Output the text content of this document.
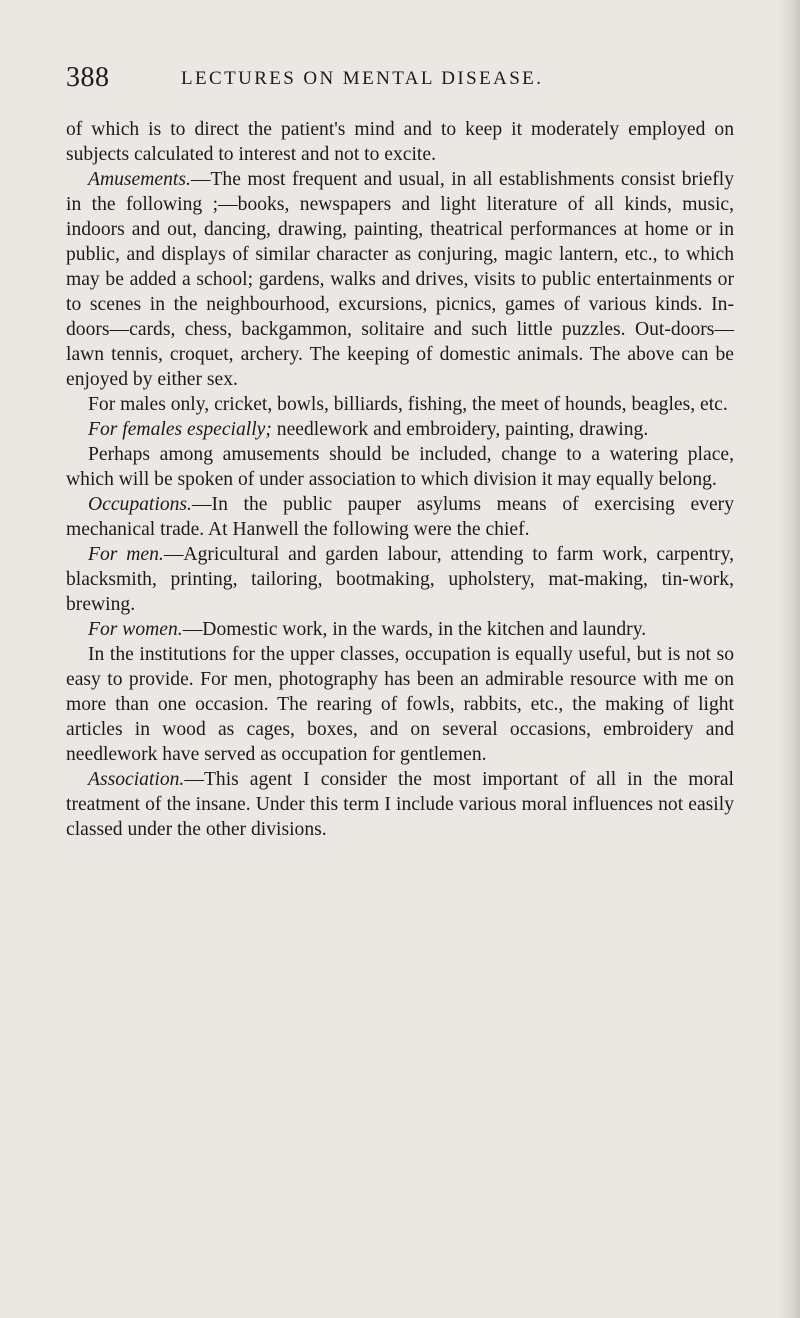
388	LECTURES ON MENTAL DISEASE.

of which is to direct the patient's mind and to keep it moderately employed on subjects calculated to interest and not to excite.

Amusements.—The most frequent and usual, in all establishments consist briefly in the following ;—books, newspapers and light literature of all kinds, music, indoors and out, dancing, drawing, painting, theatrical performances at home or in public, and displays of similar character as conjuring, magic lantern, etc., to which may be added a school; gardens, walks and drives, visits to public entertainments or to scenes in the neighbourhood, excursions, picnics, games of various kinds. In-doors—cards, chess, backgammon, solitaire and such little puzzles. Out-doors—lawn tennis, croquet, archery. The keeping of domestic animals. The above can be enjoyed by either sex.

For males only, cricket, bowls, billiards, fishing, the meet of hounds, beagles, etc.

For females especially; needlework and embroidery, painting, drawing.

Perhaps among amusements should be included, change to a watering place, which will be spoken of under association to which division it may equally belong.

Occupations.—In the public pauper asylums means of exercising every mechanical trade. At Hanwell the following were the chief.

For men.—Agricultural and garden labour, attending to farm work, carpentry, blacksmith, printing, tailoring, bootmaking, upholstery, mat-making, tin-work, brewing.

For women.—Domestic work, in the wards, in the kitchen and laundry.

In the institutions for the upper classes, occupation is equally useful, but is not so easy to provide. For men, photography has been an admirable resource with me on more than one occasion. The rearing of fowls, rabbits, etc., the making of light articles in wood as cages, boxes, and on several occasions, embroidery and needlework have served as occupation for gentlemen.

Association.—This agent I consider the most important of all in the moral treatment of the insane. Under this term I include various moral influences not easily classed under the other divisions.
